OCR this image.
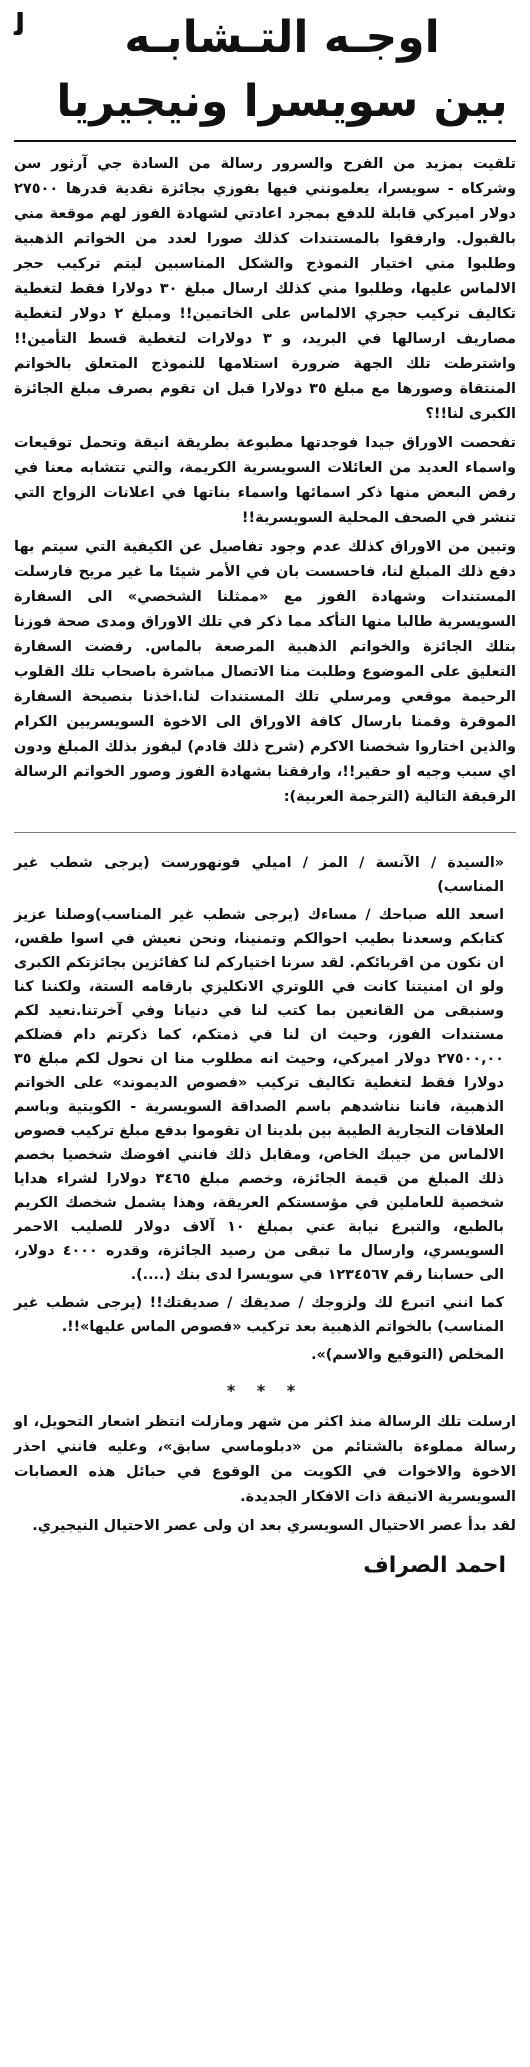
اوجـه التـشابـه

بين سويسرا ونيجيريا

ﻟ

تلقيت بمزيد من الفرح والسرور رسالة من السادة جي آرثور سن وشركاه - سويسرا، يعلمونني فيها بفوزي بجائزة نقدية قدرها ٢٧٥٠٠ دولار اميركي قابلة للدفع بمجرد اعادتي لشهادة الفوز لهم موقعة مني بالقبول. وارفقوا بالمستندات كذلك صورا لعدد من الخواتم الذهبية وطلبوا مني اختيار النموذج والشكل المناسبين ليتم تركيب حجر الالماس عليها، وطلبوا مني كذلك ارسال مبلغ ٣٠ دولارا فقط لتغطية تكاليف تركيب حجري الالماس على الخاتمين!! ومبلغ ٢ دولار لتغطية مصاريف ارسالها في البريد، و ٣ دولارات لتغطية قسط التأمين!! واشترطت تلك الجهة ضرورة استلامها للنموذج المتعلق بالخواتم المنتقاة وصورها مع مبلغ ٣٥ دولارا قبل ان تقوم بصرف مبلغ الجائزة الكبرى لنا!!؟

تفحصت الاوراق جيدا فوجدتها مطبوعة بطريقة انيقة وتحمل توقيعات واسماء العديد من العائلات السويسرية الكريمة، والتي تتشابه معنا في رفض البعض منها ذكر اسمائها واسماء بناتها في اعلانات الزواج التي تنشر في الصحف المحلية السويسرية!!

وتبين من الاوراق كذلك عدم وجود تفاصيل عن الكيفية التي سيتم بها دفع ذلك المبلغ لنا، فاحسست بان في الأمر شيئا ما غير مريح فارسلت المستندات وشهادة الفوز مع «ممثلنا الشخصي» الى السفارة السويسرية طالبا منها التأكد مما ذكر في تلك الاوراق ومدى صحة فوزنا بتلك الجائزة والخواتم الذهبية المرصعة بالماس. رفضت السفارة التعليق على الموضوع وطلبت منا الاتصال مباشرة باصحاب تلك القلوب الرحيمة موقعي ومرسلي تلك المستندات لنا.اخذنا بنصيحة السفارة الموقرة وقمنا بارسال كافة الاوراق الى الاخوة السويسريين الكرام والذين اختاروا شخصنا الاكرم (شرح ذلك قادم) ليفوز بذلك المبلغ ودون اي سبب وجيه او حقير!!، وارفقنا بشهادة الفوز وصور الخواتم الرسالة الرقيقة التالية (الترجمة العربية):

«السيدة / الآنسة / المز / اميلي فونهورست (يرجى شطب غير المناسب)

اسعد الله صباحك / مساءك (يرجى شطب غير المناسب)وصلنا عزيز كتابكم وسعدنا بطيب احوالكم وتمنينا، ونحن نعيش في اسوا طقس، ان نكون من اقربائكم. لقد سرنا اختياركم لنا كفائزين بجائزتكم الكبرى ولو ان امنيتنا كانت في اللوتري الانكليزي بارقامه الستة، ولكننا كنا وسنبقى من القانعين بما كتب لنا في دنيانا وفي آخرتنا.نعيد لكم مستندات الفوز، وحيث ان لنا في ذمتكم، كما ذكرتم دام فضلكم ٢٧٥٠٠,٠٠ دولار اميركي، وحيث انه مطلوب منا ان نحول لكم مبلغ ٣٥ دولارا فقط لتغطية تكاليف تركيب «فصوص الديموند» على الخواتم الذهبية، فاننا نناشدهم باسم الصداقة السويسرية - الكويتية وباسم العلاقات التجارية الطيبة بين بلدينا ان تقوموا بدفع مبلغ تركيب فصوص الالماس من جيبك الخاص، ومقابل ذلك فانني افوضك شخصيا بخصم ذلك المبلغ من قيمة الجائزة، وخصم مبلغ ٣٤٦٥ دولارا لشراء هدايا شخصية للعاملين في مؤسستكم العريقة، وهذا يشمل شخصك الكريم بالطبع، والتبرع نيابة عني بمبلغ ١٠ آلاف دولار للصليب الاحمر السويسري، وارسال ما تبقى من رصيد الجائزة، وقدره ٤٠٠٠ دولار، الى حسابنا رقم ١٢٣٤٥٦٧ في سويسرا لدى بنك (....).

كما انني اتبرع لك ولزوجك / صديقك / صديقتك!! (يرجى شطب غير المناسب) بالخواتم الذهبية بعد تركيب «فصوص الماس عليها»!!.

المخلص (التوقيع والاسم)».

* * *

ارسلت تلك الرسالة منذ اكثر من شهر ومازلت انتظر اشعار التحويل، او رسالة مملوءة بالشتائم من «دبلوماسي سابق»، وعليه فانني احذر الاخوة والاخوات في الكويت من الوقوع في حبائل هذه العصابات السويسرية الانيقة ذات الافكار الجديدة.

لقد بدأ عصر الاحتيال السويسري بعد ان ولى عصر الاحتيال النيجيري.

احمد الصراف
